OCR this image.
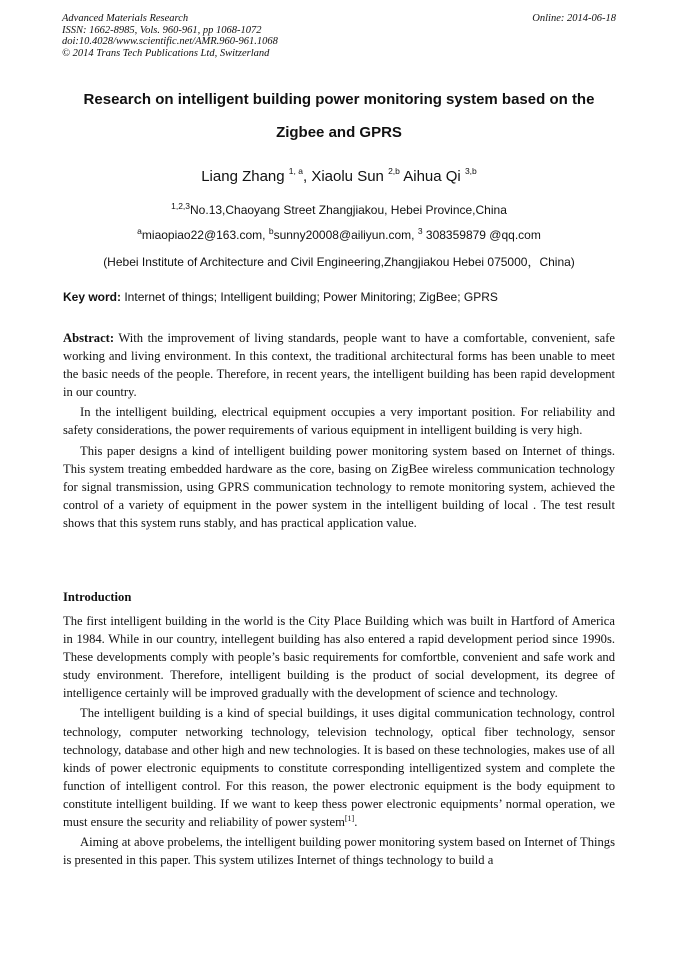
Advanced Materials Research
ISSN: 1662-8985, Vols. 960-961, pp 1068-1072
doi:10.4028/www.scientific.net/AMR.960-961.1068
© 2014 Trans Tech Publications Ltd, Switzerland
Online: 2014-06-18
Research on intelligent building power monitoring system based on the
Zigbee and GPRS
Liang Zhang $^{1, a}$, Xiaolu Sun $^{2,b}$ Aihua Qi $^{3,b}$
$^{1,2,3}$No.13,Chaoyang Street Zhangjiakou, Hebei Province,China
$^a$miaopiao22@163.com, $^b$sunny20008@ailiyun.com, $^3$ 308359879 @qq.com
(Hebei Institute of Architecture and Civil Engineering,Zhangjiakou Hebei 075000，China)
Key word: Internet of things; Intelligent building; Power Minitoring; ZigBee; GPRS

Abstract: With the improvement of living standards, people want to have a comfortable, convenient, safe working and living environment. In this context, the traditional architectural forms has been unable to meet the basic needs of the people. Therefore, in recent years, the intelligent building has been rapid development in our country.

In the intelligent building, electrical equipment occupies a very important position. For reliability and safety considerations, the power requirements of various equipment in intelligent building is very high.

This paper designs a kind of intelligent building power monitoring system based on Internet of things. This system treating embedded hardware as the core, basing on ZigBee wireless communication technology for signal transmission, using GPRS communication technology to remote monitoring system, achieved the control of a variety of equipment in the power system in the intelligent building of local . The test result shows that this system runs stably, and has practical application value.

Introduction

The first intelligent building in the world is the City Place Building which was built in Hartford of America in 1984. While in our country, intellegent building has also entered a rapid development period since 1990s. These developments comply with people’s basic requirements for comfortble, convenient and safe work and study environment. Therefore, intelligent building is the product of social development, its degree of intelligence certainly will be improved gradually with the development of science and technology.

The intelligent building is a kind of special buildings, it uses digital communication technology, control technology, computer networking technology, television technology, optical fiber technology, sensor technology, database and other high and new technologies. It is based on these technologies, makes use of all kinds of power electronic equipments to constitute corresponding intelligentized system and complete the function of intelligent control. For this reason, the power electronic equipment is the body equipment to constitute intelligent building. If we want to keep thess power electronic equipments’ normal operation, we must ensure the security and reliability of power system[1].

Aiming at above probelems, the intelligent building power monitoring system based on Internet of Things is presented in this paper. This system utilizes Internet of things technology to build a
